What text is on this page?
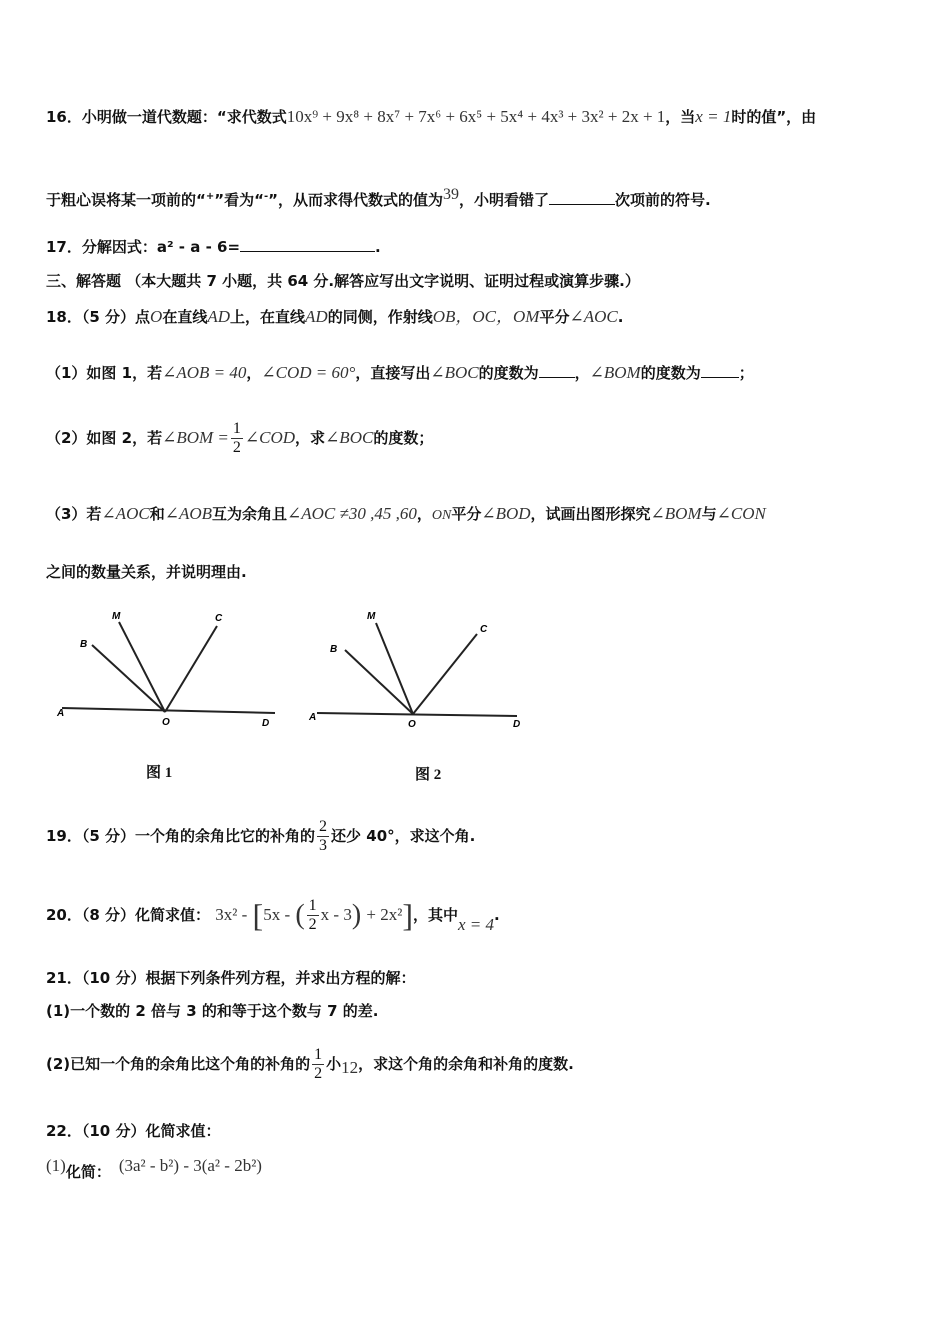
16．小明做一道代数题：“求代数式10x⁹ + 9x⁸ + 8x⁷ + 7x⁶ + 6x⁵ + 5x⁴ + 4x³ + 3x² + 2x + 1，当x = 1时的值”，由
于粗心误将某一项前的“+”看为“-”，从而求得代数式的值为$^{39}$，小明看错了	次项前的符号.
17．分解因式：a² - a - 6=	.
三、解答题 （本大题共 7 小题，共 64 分.解答应写出文字说明、证明过程或演算步骤.）
18．（5 分）点O在直线AD上，在直线AD的同侧，作射线OB，OC，OM平分∠AOC.
（1）如图 1，若∠AOB = 40，∠COD = 60°，直接写出∠BOC的度数为 ，∠BOM的度数为	；
（2）如图 2，若∠BOM = $\frac{1}{2}$ ∠COD，求∠BOC的度数；
（3）若∠AOC和∠AOB互为余角且∠AOC ≠30 ,45 ,60，ON平分∠BOD，试画出图形探究∠BOM与∠CON
之间的数量关系，并说明理由.
A
B
M	C
O	D
图 1
A
B
M
C
O	D
图 2
19．（5 分）一个角的余角比它的补角的 $\frac{2}{3}$ 还少 40°，求这个角.
20．（8 分）化简求值： 3x² - [5x - ( $\frac{1}{2}$ x - 3) + 2x²]，其中x = 4.
21．（10 分）根据下列条件列方程，并求出方程的解：
(1)一个数的 2 倍与 3 的和等于这个数与 7 的差.
(2)已知一个角的余角比这个角的补角的 $\frac{1}{2}$ 小12，求这个角的余角和补角的度数.
22．（10 分）化简求值：
(1)化简： (3a² - b²) - 3(a² - 2b²)
